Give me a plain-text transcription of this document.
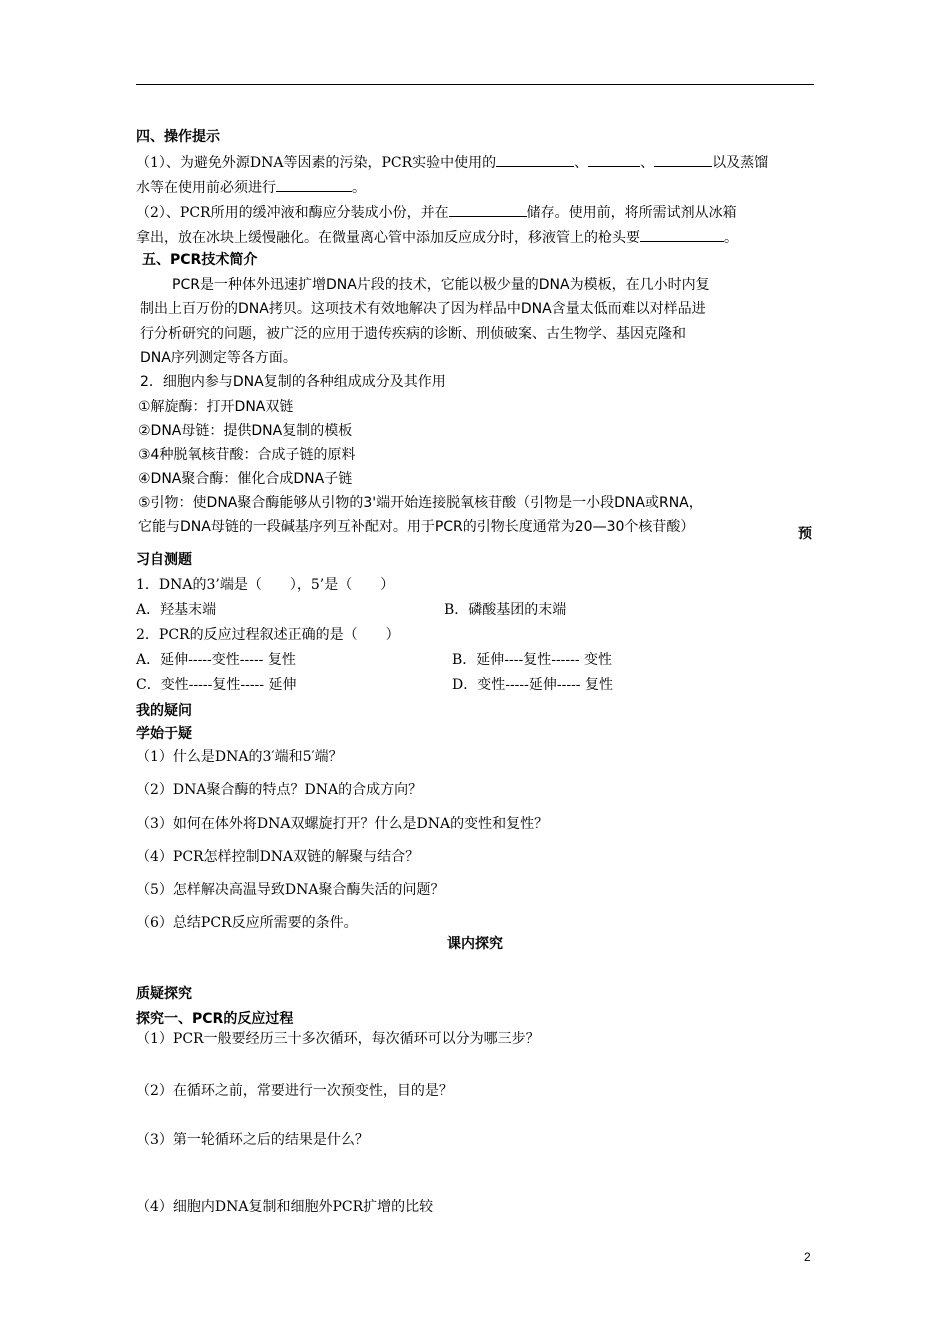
四、操作提示
（1）、为避免外源DNA等因素的污染，PCR实验中使用的	、	、	以及蒸馏
水等在使用前必须进行	。
（2）、PCR所用的缓冲液和酶应分装成小份，并在	储存。使用前，将所需试剂从冰箱
拿出，放在冰块上缓慢融化。在微量离心管中添加反应成分时，移液管上的枪头要	。
五、PCR技术简介
PCR是一种体外迅速扩增DNA片段的技术，它能以极少量的DNA为模板，在几小时内复
制出上百万份的DNA拷贝。这项技术有效地解决了因为样品中DNA含量太低而难以对样品进
行分析研究的问题，被广泛的应用于遗传疾病的诊断、刑侦破案、古生物学、基因克隆和
DNA序列测定等各方面。
2．细胞内参与DNA复制的各种组成成分及其作用
①解旋酶：打开DNA双链
②DNA母链：提供DNA复制的模板
③4种脱氧核苷酸：合成子链的原料
④DNA聚合酶：催化合成DNA子链
⑤引物：使DNA聚合酶能够从引物的3'端开始连接脱氧核苷酸（引物是一小段DNA或RNA，
它能与DNA母链的一段碱基序列互补配对。用于PCR的引物长度通常为20—30个核苷酸）	预
习自测题
1．DNA的3’端是（　　），5’是（　　）
A．羟基末端	B．磷酸基团的末端
2．PCR的反应过程叙述正确的是（　　）
A．延伸-----变性----- 复性	B．延伸----复性------ 变性
C．变性-----复性----- 延伸	D．变性-----延伸----- 复性
我的疑问
学始于疑
（1）什么是DNA的3′端和5′端？
（2）DNA聚合酶的特点？DNA的合成方向？
（3）如何在体外将DNA双螺旋打开？什么是DNA的变性和复性？
（4）PCR怎样控制DNA双链的解聚与结合？
（5）怎样解决高温导致DNA聚合酶失活的问题？
（6）总结PCR反应所需要的条件。
课内探究
质疑探究
探究一、PCR的反应过程
（1）PCR一般要经历三十多次循环，每次循环可以分为哪三步？
（2）在循环之前，常要进行一次预变性，目的是？
（3）第一轮循环之后的结果是什么？
（4）细胞内DNA复制和细胞外PCR扩增的比较
2
